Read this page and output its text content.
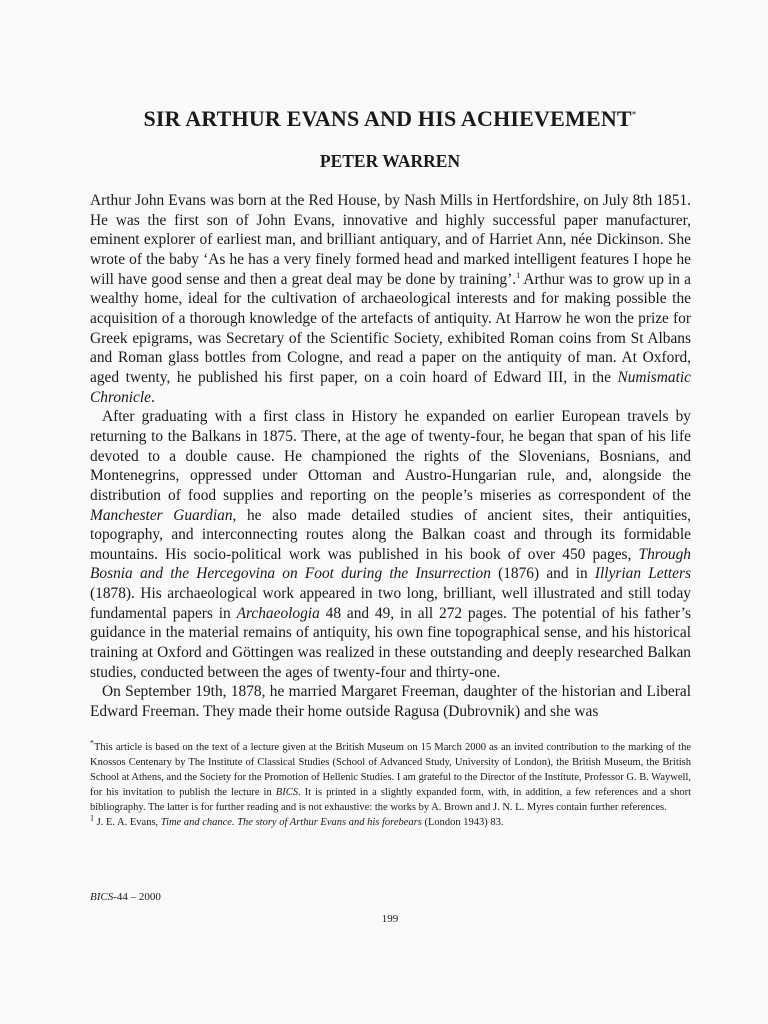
SIR ARTHUR EVANS AND HIS ACHIEVEMENT*
PETER WARREN

Arthur John Evans was born at the Red House, by Nash Mills in Hertfordshire, on July 8th 1851. He was the first son of John Evans, innovative and highly successful paper manufacturer, eminent explorer of earliest man, and brilliant antiquary, and of Harriet Ann, née Dickinson. She wrote of the baby ‘As he has a very finely formed head and marked intelligent features I hope he will have good sense and then a great deal may be done by training’.$^1$ Arthur was to grow up in a wealthy home, ideal for the cultivation of archaeological interests and for making possible the acquisition of a thorough knowledge of the artefacts of antiquity. At Harrow he won the prize for Greek epigrams, was Secretary of the Scientific Society, exhibited Roman coins from St Albans and Roman glass bottles from Cologne, and read a paper on the antiquity of man. At Oxford, aged twenty, he published his first paper, on a coin hoard of Edward III, in the Numismatic Chronicle.

After graduating with a first class in History he expanded on earlier European travels by returning to the Balkans in 1875. There, at the age of twenty-four, he began that span of his life devoted to a double cause. He championed the rights of the Slovenians, Bosnians, and Montenegrins, oppressed under Ottoman and Austro-Hungarian rule, and, alongside the distribution of food supplies and reporting on the people’s miseries as correspondent of the Manchester Guardian, he also made detailed studies of ancient sites, their antiquities, topography, and interconnecting routes along the Balkan coast and through its formidable mountains. His socio-political work was published in his book of over 450 pages, Through Bosnia and the Hercegovina on Foot during the Insurrection (1876) and in Illyrian Letters (1878). His archaeological work appeared in two long, brilliant, well illustrated and still today fundamental papers in Archaeologia 48 and 49, in all 272 pages. The potential of his father’s guidance in the material remains of antiquity, his own fine topographical sense, and his historical training at Oxford and Göttingen was realized in these outstanding and deeply researched Balkan studies, conducted between the ages of twenty-four and thirty-one.

On September 19th, 1878, he married Margaret Freeman, daughter of the historian and Liberal Edward Freeman. They made their home outside Ragusa (Dubrovnik) and she was

*This article is based on the text of a lecture given at the British Museum on 15 March 2000 as an invited contribution to the marking of the Knossos Centenary by The Institute of Classical Studies (School of Advanced Study, University of London), the British Museum, the British School at Athens, and the Society for the Promotion of Hellenic Studies. I am grateful to the Director of the Institute, Professor G. B. Waywell, for his invitation to publish the lecture in BICS. It is printed in a slightly expanded form, with, in addition, a few references and a short bibliography. The latter is for further reading and is not exhaustive: the works by A. Brown and J. N. L. Myres contain further references.

$^1$ J. E. A. Evans, Time and chance. The story of Arthur Evans and his forebears (London 1943) 83.

BICS-44 – 2000
199
